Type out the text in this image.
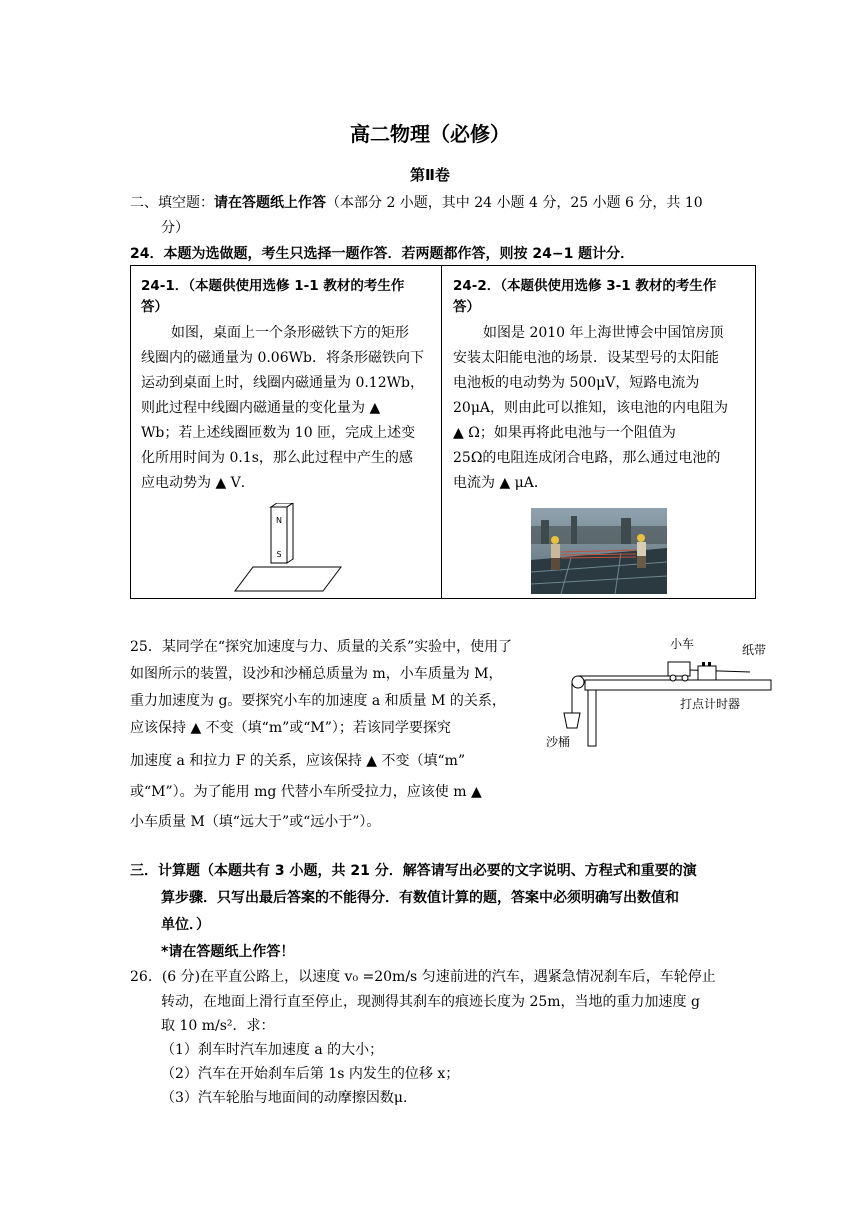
高二物理（必修）
第Ⅱ卷
二、填空题：请在答题纸上作答（本部分 2 小题，其中 24 小题 4 分，25 小题 6 分，共 10
分）
24．本题为选做题，考生只选择一题作答．若两题都作答，则按 24−1 题计分．
24-1．（本题供使用选修 1-1 教材的考生作
答）
如图，桌面上一个条形磁铁下方的矩形
线圈内的磁通量为 0.06Wb．将条形磁铁向下
运动到桌面上时，线圈内磁通量为 0.12Wb，
则此过程中线圈内磁通量的变化量为 ▲
Wb；若上述线圈匝数为 10 匝，完成上述变
化所用时间为 0.1s，那么此过程中产生的感
应电动势为 ▲ V．
N
S
24-2．（本题供使用选修 3-1 教材的考生作
答）
如图是 2010 年上海世博会中国馆房顶
安装太阳能电池的场景．设某型号的太阳能
电池板的电动势为 500μV，短路电流为
20μA，则由此可以推知，该电池的内电阻为
▲ Ω；如果再将此电池与一个阻值为
25Ω的电阻连成闭合电路，那么通过电池的
电流为 ▲ μA．
25．某同学在“探究加速度与力、质量的关系”实验中，使用了
如图所示的装置，设沙和沙桶总质量为 m，小车质量为 M，
重力加速度为 g。要探究小车的加速度 a 和质量 M 的关系，
应该保持 ▲ 不变（填“m”或“M”）；若该同学要探究
加速度 a 和拉力 F 的关系，应该保持 ▲ 不变（填“m”
或“M”）。为了能用 mg 代替小车所受拉力，应该使 m ▲
小车质量 M（填“远大于”或“远小于”）。
小车	纸带
打点计时器
沙桶
三．计算题（本题共有 3 小题，共 21 分．解答请写出必要的文字说明、方程式和重要的演
算步骤．只写出最后答案的不能得分．有数值计算的题，答案中必须明确写出数值和
单位．）
*请在答题纸上作答！
26．(6 分)在平直公路上，以速度 v₀ =20m/s 匀速前进的汽车，遇紧急情况刹车后，车轮停止
转动，在地面上滑行直至停止，现测得其刹车的痕迹长度为 25m，当地的重力加速度 g
取 10 m/s²．求：
（1）刹车时汽车加速度 a 的大小；
（2）汽车在开始刹车后第 1s 内发生的位移 x；
（3）汽车轮胎与地面间的动摩擦因数μ.
